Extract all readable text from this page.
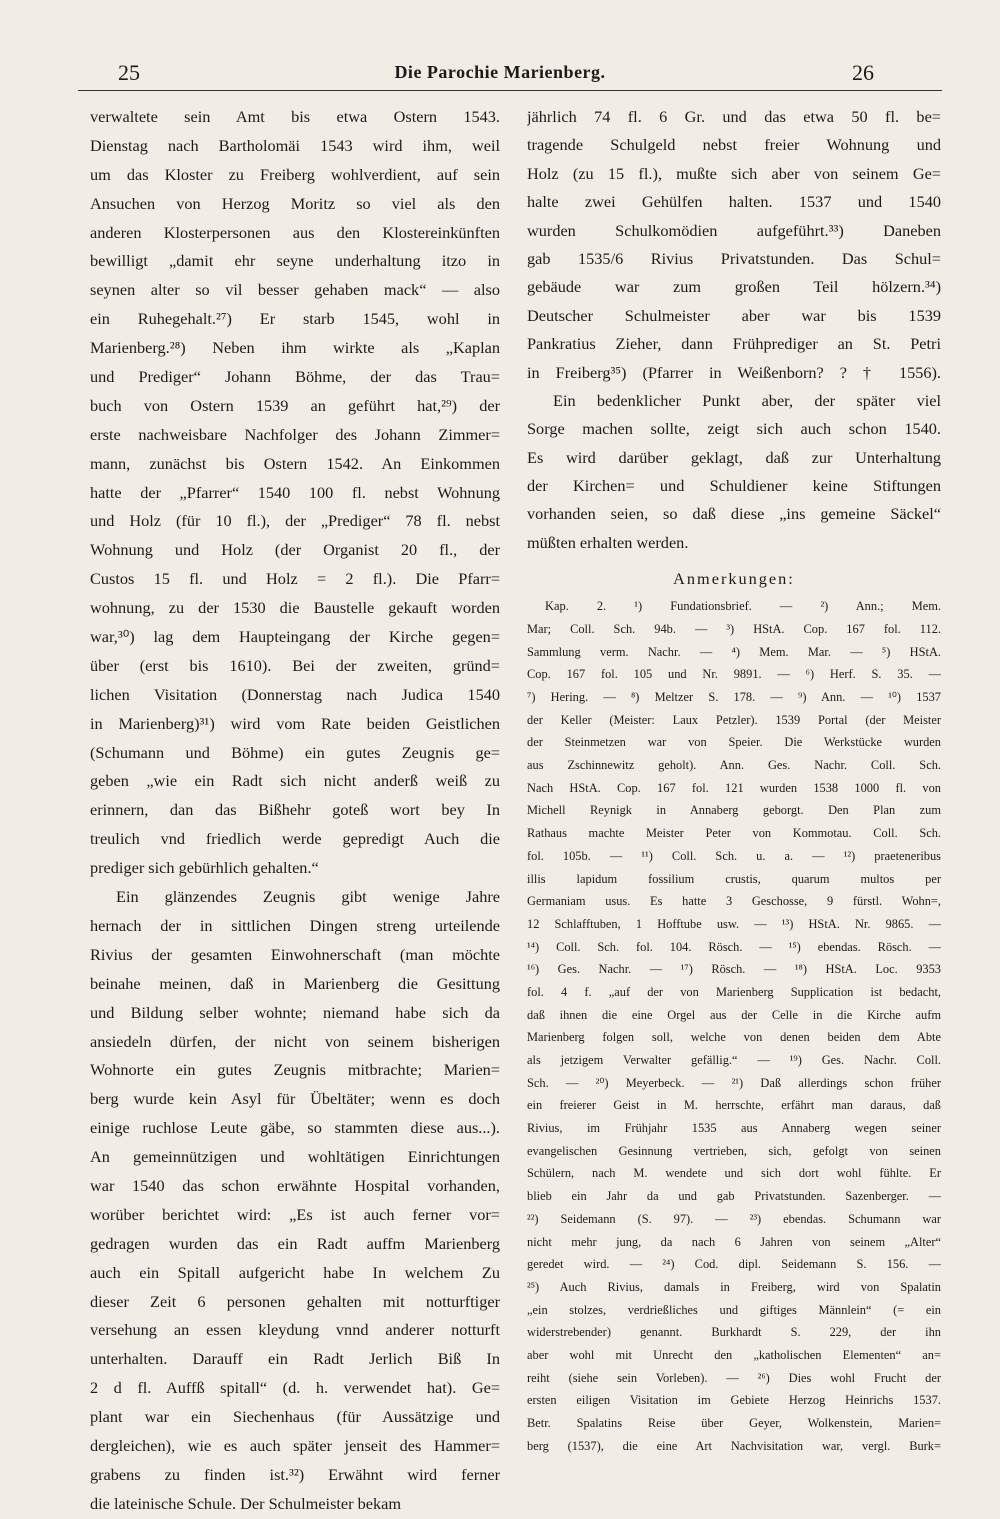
25	Die Parochie Marienberg.	26
verwaltete sein Amt bis etwa Ostern 1543.
Dienstag nach Bartholomäi 1543 wird ihm, weil
um das Kloster zu Freiberg wohlverdient, auf sein
Ansuchen von Herzog Moritz so viel als den
anderen Klosterpersonen aus den Klostereinkünften
bewilligt „damit ehr seyne underhaltung itzo in
seynen alter so vil besser gehaben mack“ — also
ein Ruhegehalt.²⁷) Er starb 1545, wohl in
Marienberg.²⁸) Neben ihm wirkte als „Kaplan
und Prediger“ Johann Böhme, der das Trau=
buch von Ostern 1539 an geführt hat,²⁹) der
erste nachweisbare Nachfolger des Johann Zimmer=
mann, zunächst bis Ostern 1542. An Einkommen
hatte der „Pfarrer“ 1540 100 fl. nebst Wohnung
und Holz (für 10 fl.), der „Prediger“ 78 fl. nebst
Wohnung und Holz (der Organist 20 fl., der
Custos 15 fl. und Holz = 2 fl.). Die Pfarr=
wohnung, zu der 1530 die Baustelle gekauft worden
war,³⁰) lag dem Haupteingang der Kirche gegen=
über (erst bis 1610). Bei der zweiten, gründ=
lichen Visitation (Donnerstag nach Judica 1540
in Marienberg)³¹) wird vom Rate beiden Geistlichen
(Schumann und Böhme) ein gutes Zeugnis ge=
geben „wie ein Radt sich nicht anderß weiß zu
erinnern, dan das Bißhehr goteß wort bey In
treulich vnd friedlich werde gepredigt Auch die
prediger sich gebürhlich gehalten.“
Ein glänzendes Zeugnis gibt wenige Jahre
hernach der in sittlichen Dingen streng urteilende
Rivius der gesamten Einwohnerschaft (man möchte
beinahe meinen, daß in Marienberg die Gesittung
und Bildung selber wohnte; niemand habe sich da
ansiedeln dürfen, der nicht von seinem bisherigen
Wohnorte ein gutes Zeugnis mitbrachte; Marien=
berg wurde kein Asyl für Übeltäter; wenn es doch
einige ruchlose Leute gäbe, so stammten diese aus...).
An gemeinnützigen und wohltätigen Einrichtungen
war 1540 das schon erwähnte Hospital vorhanden,
worüber berichtet wird: „Es ist auch ferner vor=
gedragen wurden das ein Radt auffm Marienberg
auch ein Spitall aufgericht habe In welchem Zu
dieser Zeit 6 personen gehalten mit notturftiger
versehung an essen kleydung vnnd anderer notturft
unterhalten. Darauff ein Radt Jerlich Biß In
2 d fl. Auffß spitall“ (d. h. verwendet hat). Ge=
plant war ein Siechenhaus (für Aussätzige und
dergleichen), wie es auch später jenseit des Hammer=
grabens zu finden ist.³²) Erwähnt wird ferner
die lateinische Schule. Der Schulmeister bekam
jährlich 74 fl. 6 Gr. und das etwa 50 fl. be=
tragende Schulgeld nebst freier Wohnung und
Holz (zu 15 fl.), mußte sich aber von seinem Ge=
halte zwei Gehülfen halten. 1537 und 1540
wurden Schulkomödien aufgeführt.³³) Daneben
gab 1535/6 Rivius Privatstunden. Das Schul=
gebäude war zum großen Teil hölzern.³⁴)
Deutscher Schulmeister aber war bis 1539
Pankratius Zieher, dann Frühprediger an St. Petri
in Freiberg³⁵) (Pfarrer in Weißenborn? ? † 1556).
Ein bedenklicher Punkt aber, der später viel
Sorge machen sollte, zeigt sich auch schon 1540.
Es wird darüber geklagt, daß zur Unterhaltung
der Kirchen= und Schuldiener keine Stiftungen
vorhanden seien, so daß diese „ins gemeine Säckel“
müßten erhalten werden.
Anmerkungen:
Kap. 2. ¹) Fundationsbrief. — ²) Ann.; Mem.
Mar; Coll. Sch. 94b. — ³) HStA. Cop. 167 fol. 112.
Sammlung verm. Nachr. — ⁴) Mem. Mar. — ⁵) HStA.
Cop. 167 fol. 105 und Nr. 9891. — ⁶) Herf. S. 35. —
⁷) Hering. — ⁸) Meltzer S. 178. — ⁹) Ann. — ¹⁰) 1537
der Keller (Meister: Laux Petzler). 1539 Portal (der Meister
der Steinmetzen war von Speier. Die Werkstücke wurden
aus Zschinnewitz geholt). Ann. Ges. Nachr. Coll. Sch.
Nach HStA. Cop. 167 fol. 121 wurden 1538 1000 fl. von
Michell Reynigk in Annaberg geborgt. Den Plan zum
Rathaus machte Meister Peter von Kommotau. Coll. Sch.
fol. 105b. — ¹¹) Coll. Sch. u. a. — ¹²) praeteneribus
illis lapidum fossilium crustis, quarum multos per
Germaniam usus. Es hatte 3 Geschosse, 9 fürstl. Wohn=,
12 Schlafftuben, 1 Hofftube usw. — ¹³) HStA. Nr. 9865. —
¹⁴) Coll. Sch. fol. 104. Rösch. — ¹⁵) ebendas. Rösch. —
¹⁶) Ges. Nachr. — ¹⁷) Rösch. — ¹⁸) HStA. Loc. 9353
fol. 4 f. „auf der von Marienberg Supplication ist bedacht,
daß ihnen die eine Orgel aus der Celle in die Kirche aufm
Marienberg folgen soll, welche von denen beiden dem Abte
als jetzigem Verwalter gefällig.“ — ¹⁹) Ges. Nachr. Coll.
Sch. — ²⁰) Meyerbeck. — ²¹) Daß allerdings schon früher
ein freierer Geist in M. herrschte, erfährt man daraus, daß
Rivius, im Frühjahr 1535 aus Annaberg wegen seiner
evangelischen Gesinnung vertrieben, sich, gefolgt von seinen
Schülern, nach M. wendete und sich dort wohl fühlte. Er
blieb ein Jahr da und gab Privatstunden. Sazenberger. —
²²) Seidemann (S. 97). — ²³) ebendas. Schumann war
nicht mehr jung, da nach 6 Jahren von seinem „Alter“
geredet wird. — ²⁴) Cod. dipl. Seidemann S. 156. —
²⁵) Auch Rivius, damals in Freiberg, wird von Spalatin
„ein stolzes, verdrießliches und giftiges Männlein“ (= ein
widerstrebender) genannt. Burkhardt S. 229, der ihn
aber wohl mit Unrecht den „katholischen Elementen“ an=
reiht (siehe sein Vorleben). — ²⁶) Dies wohl Frucht der
ersten eiligen Visitation im Gebiete Herzog Heinrichs 1537.
Betr. Spalatins Reise über Geyer, Wolkenstein, Marien=
berg (1537), die eine Art Nachvisitation war, vergl. Burk=
